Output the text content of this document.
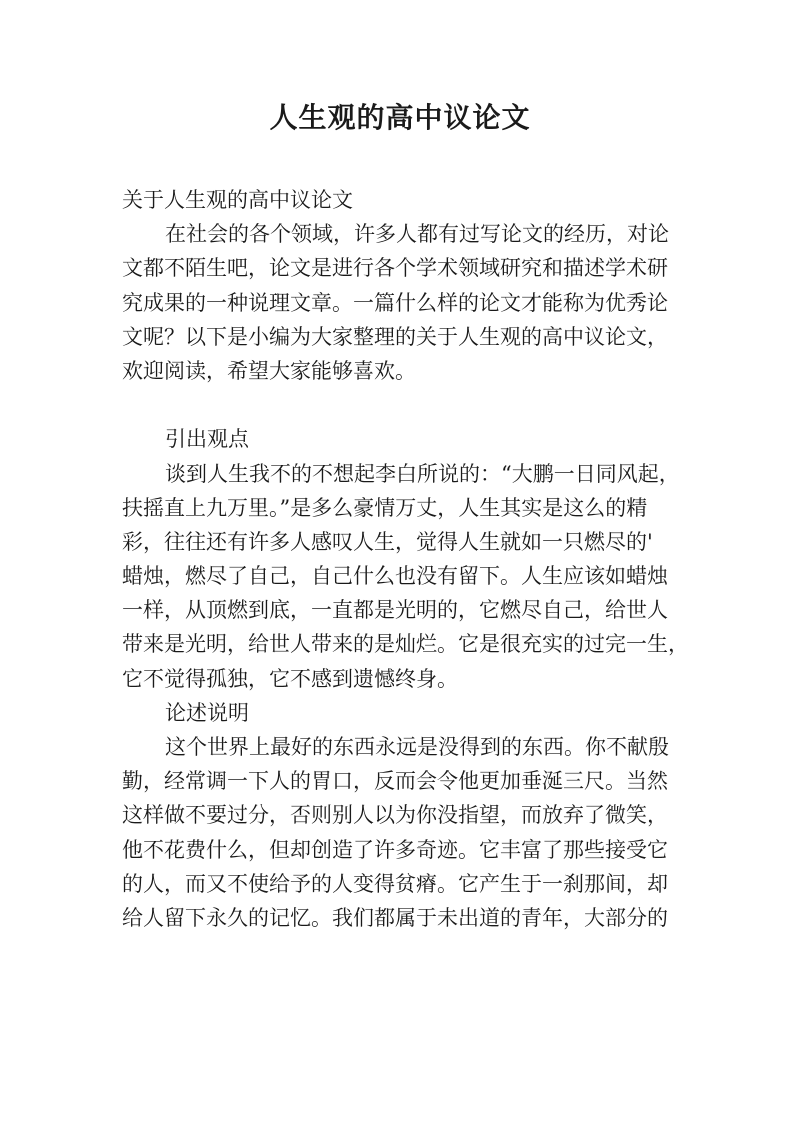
人生观的高中议论文
关于人生观的高中议论文
在社会的各个领域，许多人都有过写论文的经历，对论
文都不陌生吧，论文是进行各个学术领域研究和描述学术研
究成果的一种说理文章。一篇什么样的论文才能称为优秀论
文呢？以下是小编为大家整理的关于人生观的高中议论文，
欢迎阅读，希望大家能够喜欢。
引出观点
谈到人生我不的不想起李白所说的：“大鹏一日同风起，
扶摇直上九万里。”是多么豪情万丈，人生其实是这么的精
彩，往往还有许多人感叹人生，觉得人生就如一只燃尽的'
蜡烛，燃尽了自己，自己什么也没有留下。人生应该如蜡烛
一样，从顶燃到底，一直都是光明的，它燃尽自己，给世人
带来是光明，给世人带来的是灿烂。它是很充实的过完一生，
它不觉得孤独，它不感到遗憾终身。
论述说明
这个世界上最好的东西永远是没得到的东西。你不献殷
勤，经常调一下人的胃口，反而会令他更加垂涎三尺。当然
这样做不要过分，否则别人以为你没指望，而放弃了微笑，
他不花费什么，但却创造了许多奇迹。它丰富了那些接受它
的人，而又不使给予的人变得贫瘠。它产生于一刹那间，却
给人留下永久的记忆。我们都属于未出道的青年，大部分的
